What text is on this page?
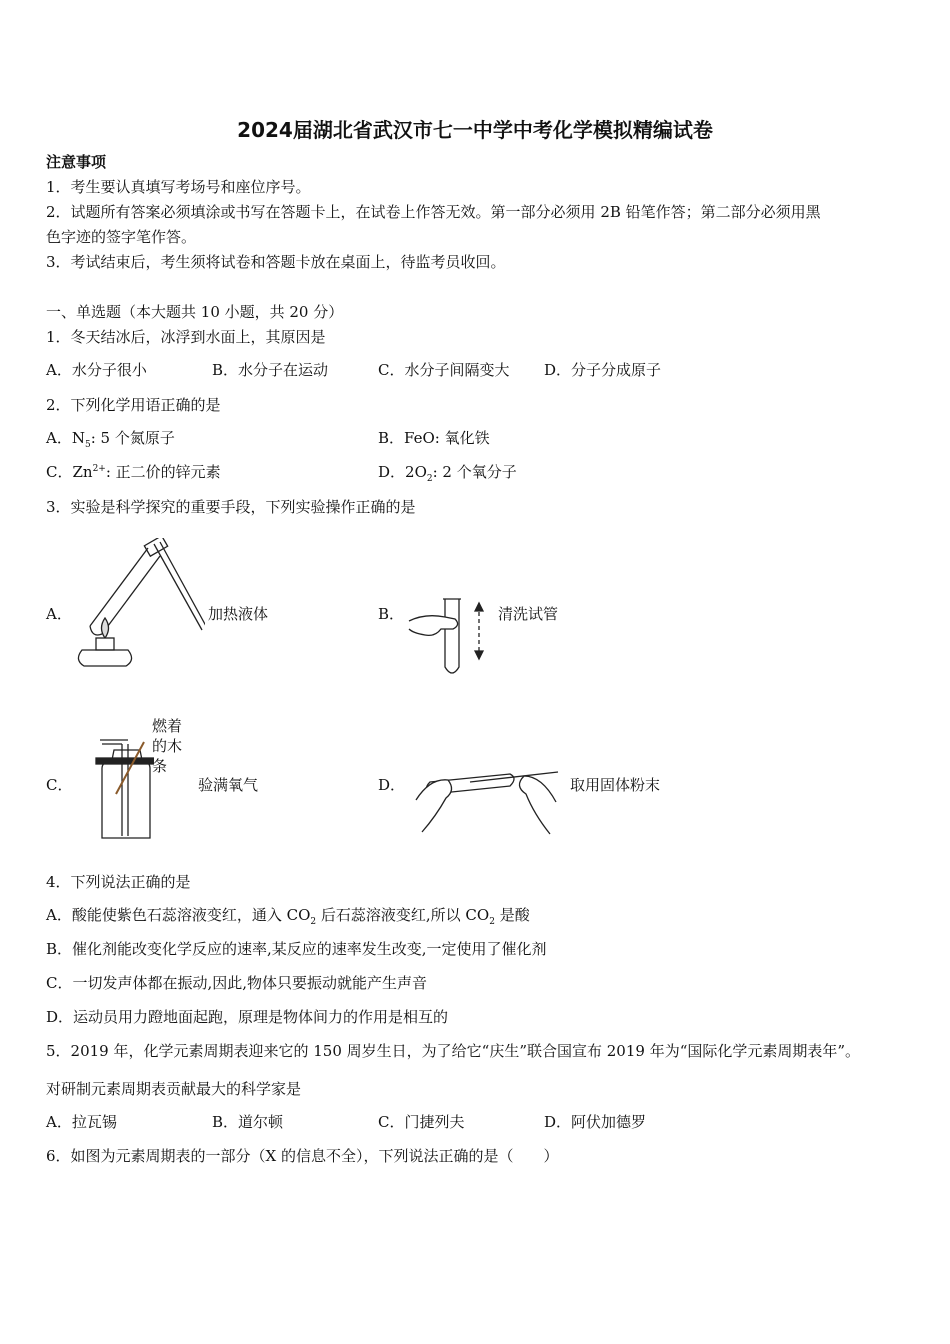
2024届湖北省武汉市七一中学中考化学模拟精编试卷
注意事项
1．考生要认真填写考场号和座位序号。
2．试题所有答案必须填涂或书写在答题卡上，在试卷上作答无效。第一部分必须用 2B 铅笔作答；第二部分必须用黑
色字迹的签字笔作答。
3．考试结束后，考生须将试卷和答题卡放在桌面上，待监考员收回。
一、单选题（本大题共 10 小题，共 20 分）
1．冬天结冰后，冰浮到水面上，其原因是
A．水分子很小	B．水分子在运动	C．水分子间隔变大 D．分子分成原子
2．下列化学用语正确的是
A．$N_5$: 5 个氮原子	B．FeO: 氧化铁
C．$Zn^{2+}$: 正二价的锌元素	D．$2O_2$: 2 个氧分子
3．实验是科学探究的重要手段，下列实验操作正确的是
A．	加热液体	B．	清洗试管
C．
燃着
的木
条
验满氧气	D．	取用固体粉末
4．下列说法正确的是
A．酸能使紫色石蕊溶液变红，通入 $CO_2$ 后石蕊溶液变红,所以 $CO_2$ 是酸
B．催化剂能改变化学反应的速率,某反应的速率发生改变,一定使用了催化剂
C．一切发声体都在振动,因此,物体只要振动就能产生声音
D．运动员用力蹬地面起跑，原理是物体间力的作用是相互的
5．2019 年，化学元素周期表迎来它的 150 周岁生日，为了给它“庆生”联合国宣布 2019 年为“国际化学元素周期表年”。
对研制元素周期表贡献最大的科学家是
A．拉瓦锡	B．道尔顿	C．门捷列夫	D．阿伏加德罗
6．如图为元素周期表的一部分（X 的信息不全），下列说法正确的是（　　）
